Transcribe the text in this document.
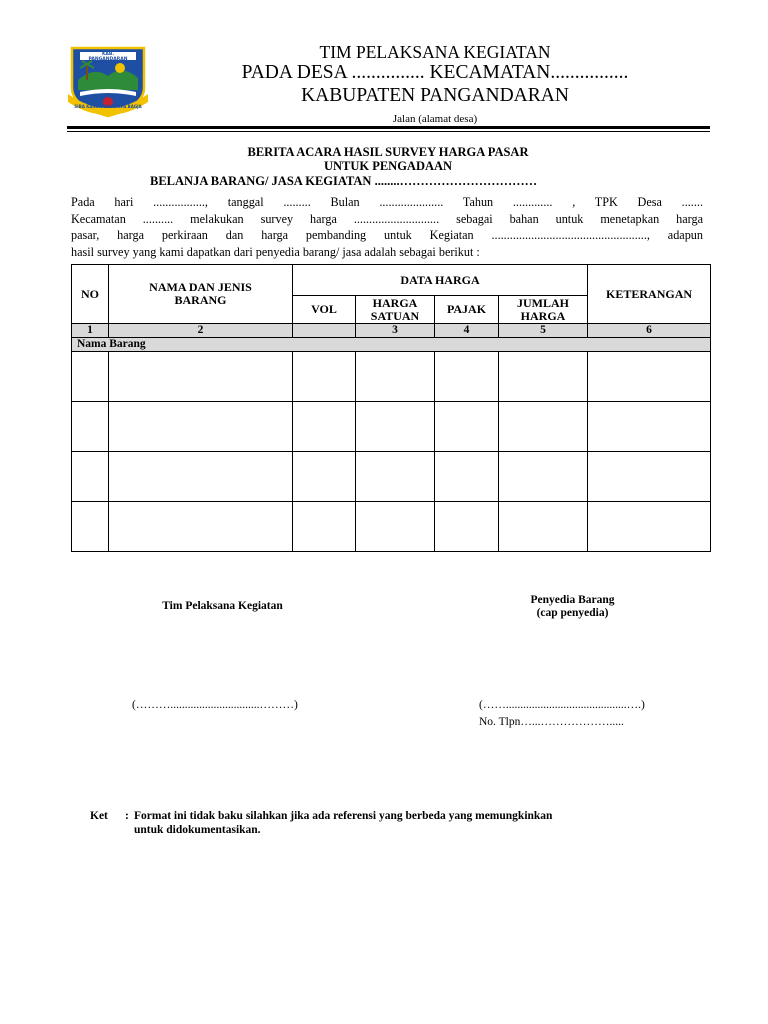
KAB. PANGANDARAN
SIBA KANDA WANDAPA BAGJA
TIM PELAKSANA KEGIATAN
PADA DESA ............... KECAMATAN................
KABUPATEN PANGANDARAN
Jalan (alamat desa)
BERITA ACARA HASIL SURVEY HARGA PASAR
UNTUK PENGADAAN
BELANJA BARANG/ JASA KEGIATAN ........……………………………
Pada hari ................., tanggal ......... Bulan ..................... Tahun ............. , TPK Desa .......
Kecamatan .......... melakukan survey harga ............................ sebagai bahan untuk menetapkan harga
pasar, harga perkiraan dan harga pembanding untuk Kegiatan ..................................................., adapun
hasil survey yang kami dapatkan dari penyedia barang/ jasa adalah sebagai berikut :
NO	NAMA DAN JENIS BARANG	DATA HARGA				KETERANGAN
		VOL	HARGA SATUAN	PAJAK	JUMLAH HARGA	
1	2		3	4	5	6
Nama Barang						

Tim Pelaksana Kegiatan	Penyedia Barang
(cap penyedia)
(………...............................………)	(……..........................................….)
No. Tlpn…...……………….....
Ket : Format ini tidak baku silahkan jika ada referensi yang berbeda yang memungkinkan
untuk didokumentasikan.
